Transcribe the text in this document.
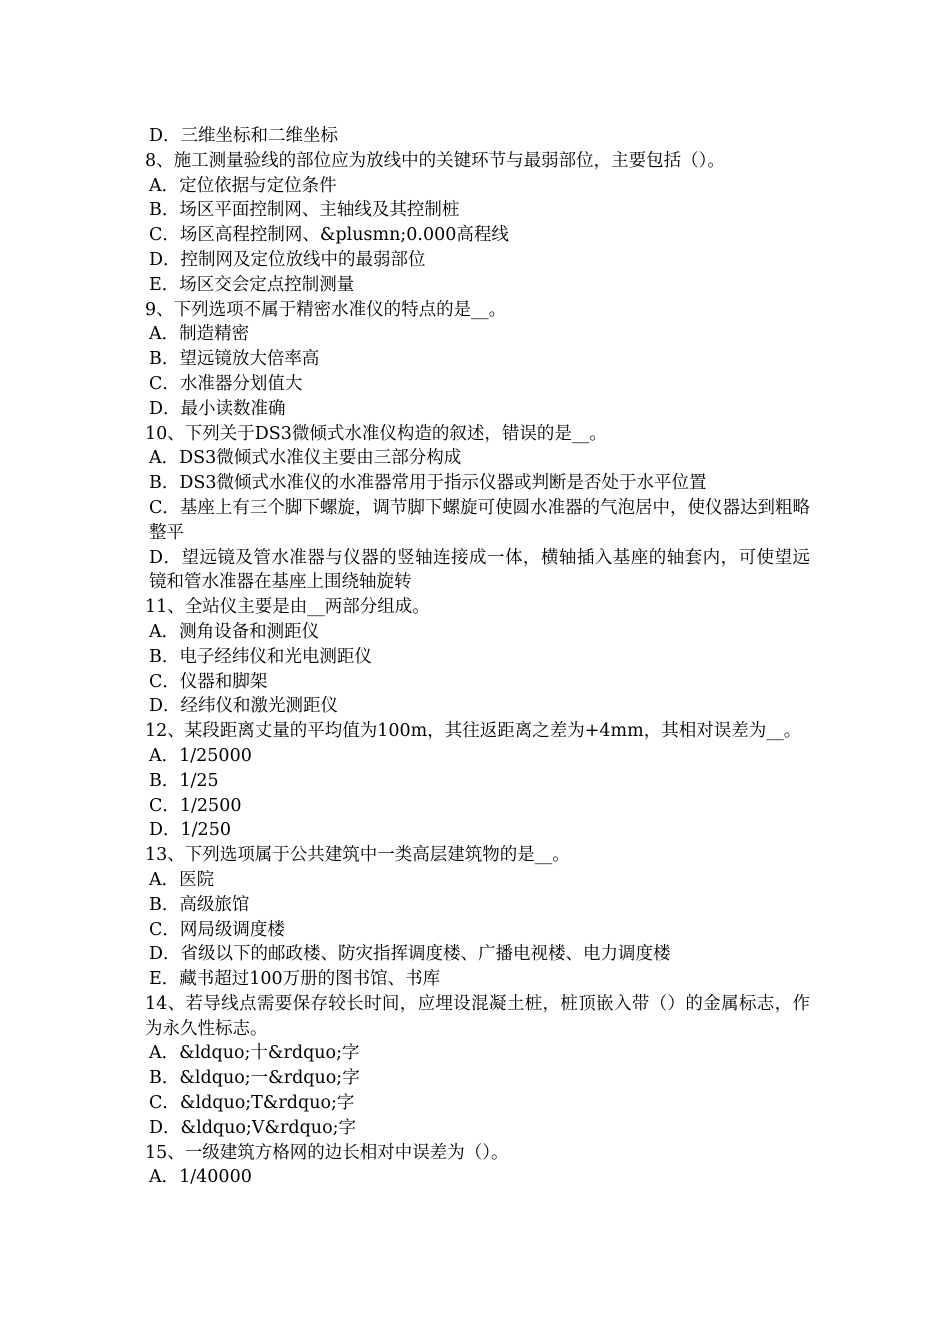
D．三维坐标和二维坐标

8、施工测量验线的部位应为放线中的关键环节与最弱部位，主要包括（）。

A．定位依据与定位条件

B．场区平面控制网、主轴线及其控制桩

C．场区高程控制网、&plusmn;0.000高程线

D．控制网及定位放线中的最弱部位

E．场区交会定点控制测量

9、下列选项不属于精密水准仪的特点的是__。

A．制造精密

B．望远镜放大倍率高

C．水准器分划值大

D．最小读数准确

10、下列关于DS3微倾式水准仪构造的叙述，错误的是__。

A．DS3微倾式水准仪主要由三部分构成

B．DS3微倾式水准仪的水准器常用于指示仪器或判断是否处于水平位置

C．基座上有三个脚下螺旋，调节脚下螺旋可使圆水准器的气泡居中，使仪器达到粗略整平

D．望远镜及管水准器与仪器的竖轴连接成一体，横轴插入基座的轴套内，可使望远镜和管水准器在基座上围绕轴旋转

11、全站仪主要是由__两部分组成。

A．测角设备和测距仪

B．电子经纬仪和光电测距仪

C．仪器和脚架

D．经纬仪和激光测距仪

12、某段距离丈量的平均值为100m，其往返距离之差为+4mm，其相对误差为__。

A．1/25000

B．1/25

C．1/2500

D．1/250

13、下列选项属于公共建筑中一类高层建筑物的是__。

A．医院

B．高级旅馆

C．网局级调度楼

D．省级以下的邮政楼、防灾指挥调度楼、广播电视楼、电力调度楼

E．藏书超过100万册的图书馆、书库

14、若导线点需要保存较长时间，应埋设混凝土桩，桩顶嵌入带（）的金属标志，作为永久性标志。

A．&ldquo;十&rdquo;字

B．&ldquo;一&rdquo;字

C．&ldquo;T&rdquo;字

D．&ldquo;V&rdquo;字

15、一级建筑方格网的边长相对中误差为（）。

A．1/40000
